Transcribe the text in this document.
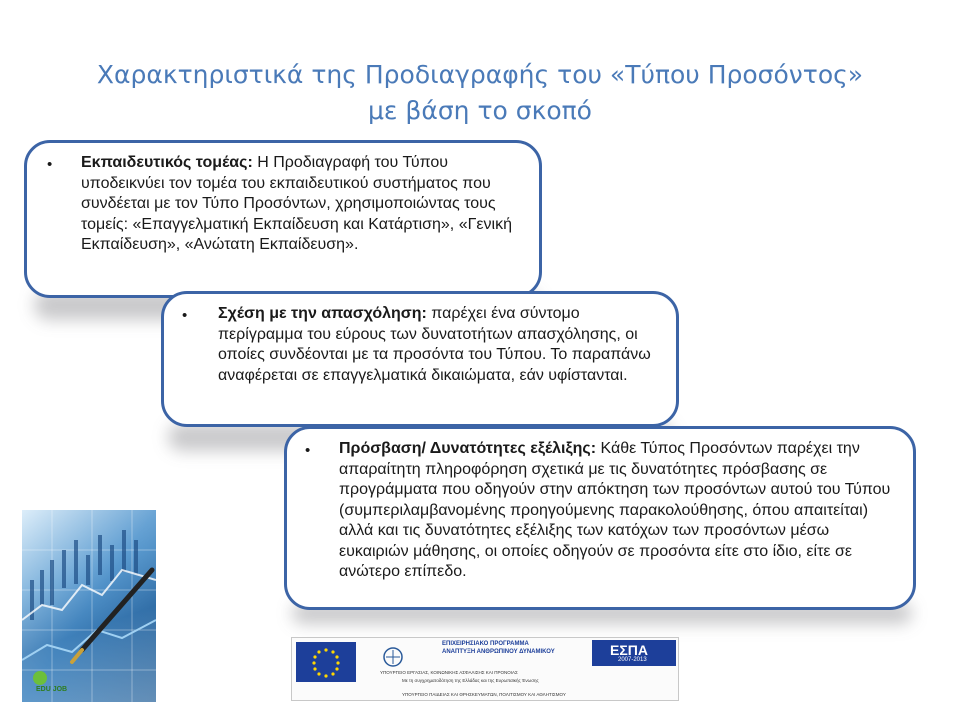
Χαρακτηριστικά της Προδιαγραφής του «Τύπου Προσόντος»
με βάση το σκοπό
• Εκπαιδευτικός τομέας: Η Προδιαγραφή του Τύπου υποδεικνύει τον τομέα του εκπαιδευτικού συστήματος που συνδέεται με τον Τύπο Προσόντων, χρησιμοποιώντας τους τομείς: «Επαγγελματική Εκπαίδευση και Κατάρτιση», «Γενική Εκπαίδευση», «Ανώτατη Εκπαίδευση».
• Σχέση με την απασχόληση: παρέχει ένα σύντομο περίγραμμα του εύρους των δυνατοτήτων απασχόλησης, οι οποίες συνδέονται με τα προσόντα του Τύπου. Το παραπάνω αναφέρεται σε επαγγελματικά δικαιώματα, εάν υφίστανται.
• Πρόσβαση/ Δυνατότητες εξέλιξης: Κάθε Τύπος Προσόντων παρέχει την απαραίτητη πληροφόρηση σχετικά με τις δυνατότητες πρόσβασης σε προγράμματα που οδηγούν στην απόκτηση των προσόντων αυτού του Τύπου (συμπεριλαμβανομένης προηγούμενης παρακολούθησης, όπου απαιτείται) αλλά και τις δυνατότητες εξέλιξης των κατόχων των προσόντων μέσω ευκαιριών μάθησης, οι οποίες οδηγούν σε προσόντα είτε στο ίδιο, είτε σε ανώτερο επίπεδο.
EDU JOB
ΕΠΙΧΕΙΡΗΣΙΑΚΟ ΠΡΟΓΡΑΜΜΑ
ΑΝΑΠΤΥΞΗ ΑΝΘΡΩΠΙΝΟΥ ΔΥΝΑΜΙΚΟΥ	ΕΣΠΑ
2007-2013
ΥΠΟΥΡΓΕΙΟ ΕΡΓΑΣΙΑΣ, ΚΟΙΝΩΝΙΚΗΣ ΑΣΦΑΛΙΣΗΣ ΚΑΙ ΠΡΟΝΟΙΑΣ
Με τη συγχρηματοδότηση της Ελλάδας και της Ευρωπαϊκής Ένωσης
ΥΠΟΥΡΓΕΙΟ ΠΑΙΔΕΙΑΣ ΚΑΙ ΘΡΗΣΚΕΥΜΑΤΩΝ, ΠΟΛΙΤΙΣΜΟΥ ΚΑΙ ΑΘΛΗΤΙΣΜΟΥ
